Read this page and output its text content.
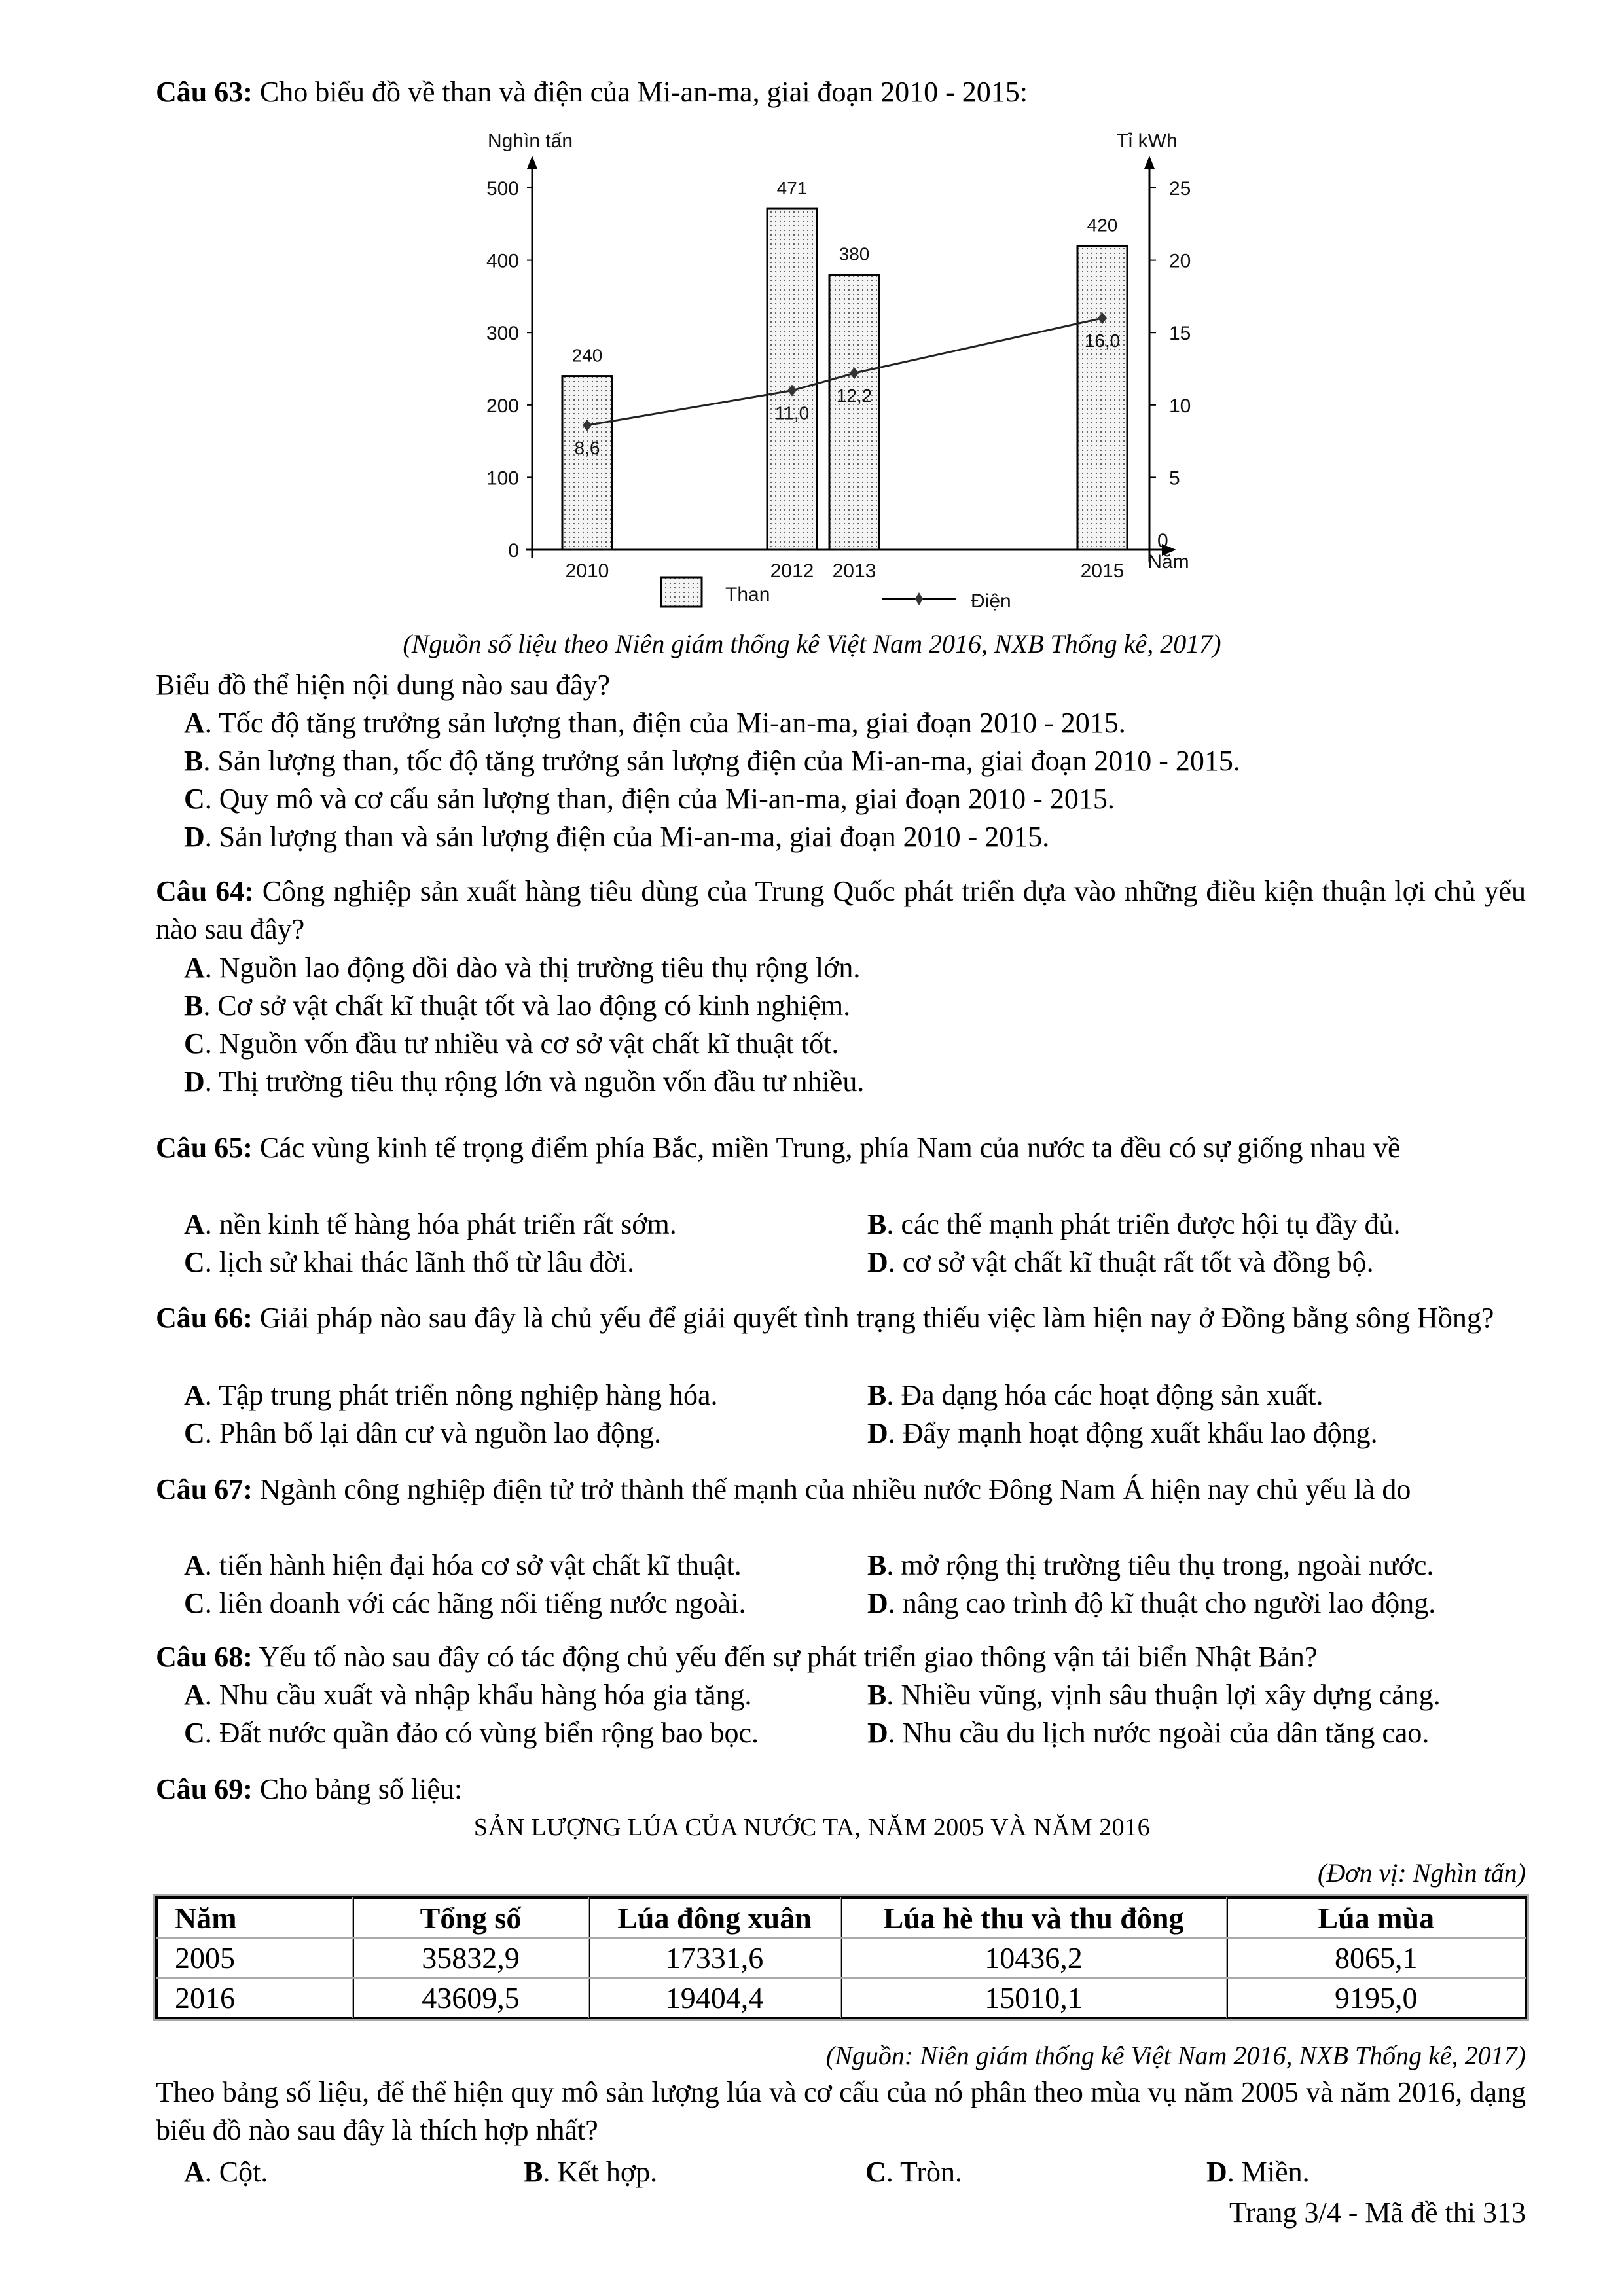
Câu 63: Cho biểu đồ về than và điện của Mi-an-ma, giai đoạn 2010 - 2015:
0
100
200
300
400
500
0
5
10
15
20
25
240
2010
471
2012
380
2013
420
2015
8,6
11,0
12,2
16,0
Nghìn tấn	Tỉ kWh
Năm
Than	Điện
(Nguồn số liệu theo Niên giám thống kê Việt Nam 2016, NXB Thống kê, 2017)
Biểu đồ thể hiện nội dung nào sau đây?
A. Tốc độ tăng trưởng sản lượng than, điện của Mi-an-ma, giai đoạn 2010 - 2015.
B. Sản lượng than, tốc độ tăng trưởng sản lượng điện của Mi-an-ma, giai đoạn 2010 - 2015.
C. Quy mô và cơ cấu sản lượng than, điện của Mi-an-ma, giai đoạn 2010 - 2015.
D. Sản lượng than và sản lượng điện của Mi-an-ma, giai đoạn 2010 - 2015.
Câu 64: Công nghiệp sản xuất hàng tiêu dùng của Trung Quốc phát triển dựa vào những điều kiện thuận lợi chủ yếu nào sau đây?
A. Nguồn lao động dồi dào và thị trường tiêu thụ rộng lớn.
B. Cơ sở vật chất kĩ thuật tốt và lao động có kinh nghiệm.
C. Nguồn vốn đầu tư nhiều và cơ sở vật chất kĩ thuật tốt.
D. Thị trường tiêu thụ rộng lớn và nguồn vốn đầu tư nhiều.
Câu 65: Các vùng kinh tế trọng điểm phía Bắc, miền Trung, phía Nam của nước ta đều có sự giống nhau về
A. nền kinh tế hàng hóa phát triển rất sớm.	B. các thế mạnh phát triển được hội tụ đầy đủ.
C. lịch sử khai thác lãnh thổ từ lâu đời.	D. cơ sở vật chất kĩ thuật rất tốt và đồng bộ.
Câu 66: Giải pháp nào sau đây là chủ yếu để giải quyết tình trạng thiếu việc làm hiện nay ở Đồng bằng sông Hồng?
A. Tập trung phát triển nông nghiệp hàng hóa.	B. Đa dạng hóa các hoạt động sản xuất.
C. Phân bố lại dân cư và nguồn lao động.	D. Đẩy mạnh hoạt động xuất khẩu lao động.
Câu 67: Ngành công nghiệp điện tử trở thành thế mạnh của nhiều nước Đông Nam Á hiện nay chủ yếu là do
A. tiến hành hiện đại hóa cơ sở vật chất kĩ thuật.	B. mở rộng thị trường tiêu thụ trong, ngoài nước.
C. liên doanh với các hãng nổi tiếng nước ngoài.	D. nâng cao trình độ kĩ thuật cho người lao động.
Câu 68: Yếu tố nào sau đây có tác động chủ yếu đến sự phát triển giao thông vận tải biển Nhật Bản?
A. Nhu cầu xuất và nhập khẩu hàng hóa gia tăng.	B. Nhiều vũng, vịnh sâu thuận lợi xây dựng cảng.
C. Đất nước quần đảo có vùng biển rộng bao bọc.	D. Nhu cầu du lịch nước ngoài của dân tăng cao.
Câu 69: Cho bảng số liệu:
SẢN LƯỢNG LÚA CỦA NƯỚC TA, NĂM 2005 VÀ NĂM 2016
(Đơn vị: Nghìn tấn)
Năm	Tổng số	Lúa đông xuân	Lúa hè thu và thu đông	Lúa mùa
2005	35832,9	17331,6	10436,2	8065,1
2016	43609,5	19404,4	15010,1	9195,0
(Nguồn: Niên giám thống kê Việt Nam 2016, NXB Thống kê, 2017)
Theo bảng số liệu, để thể hiện quy mô sản lượng lúa và cơ cấu của nó phân theo mùa vụ năm 2005 và năm 2016, dạng biểu đồ nào sau đây là thích hợp nhất?
A. Cột.	B. Kết hợp.	C. Tròn.	D. Miền.
Trang 3/4 - Mã đề thi 313
